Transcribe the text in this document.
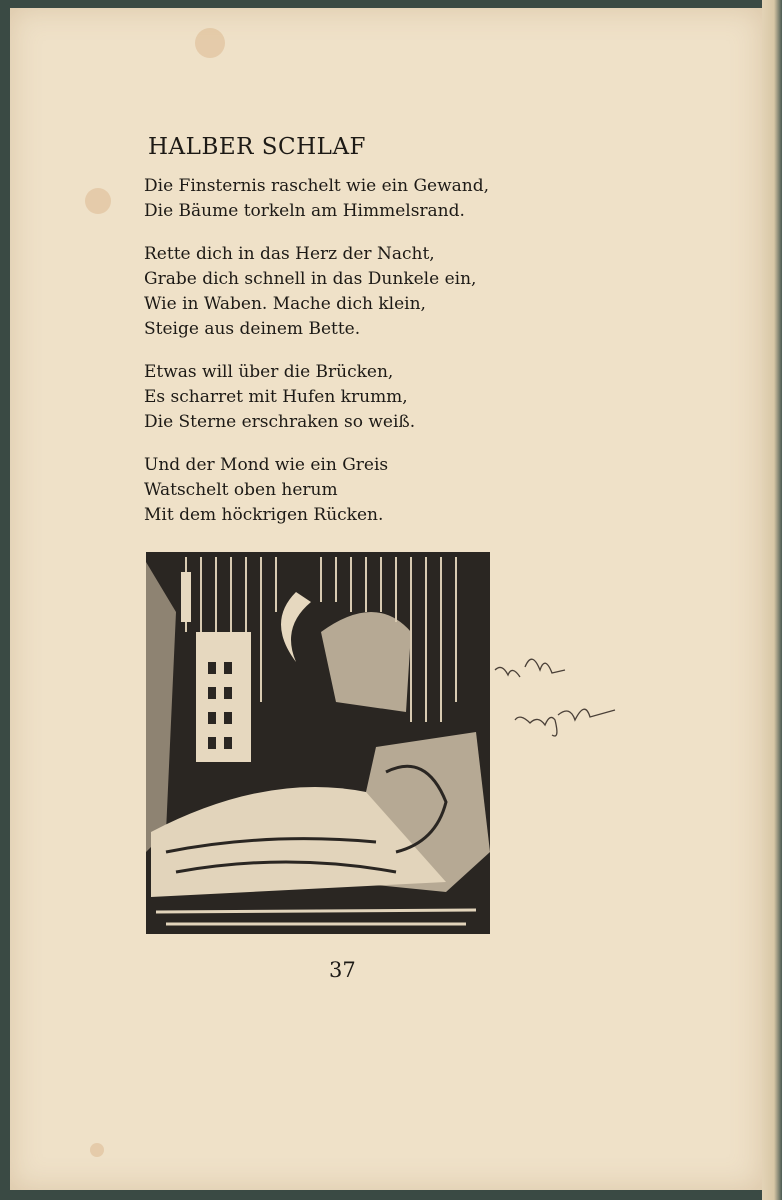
HALBER SCHLAF
Die Finsternis raschelt wie ein Gewand,
Die Bäume torkeln am Himmelsrand.
Rette dich in das Herz der Nacht,
Grabe dich schnell in das Dunkele ein,
Wie in Waben. Mache dich klein,
Steige aus deinem Bette.
Etwas will über die Brücken,
Es scharret mit Hufen krumm,
Die Sterne erschraken so weiß.
Und der Mond wie ein Greis
Watschelt oben herum
Mit dem höckrigen Rücken.
37
